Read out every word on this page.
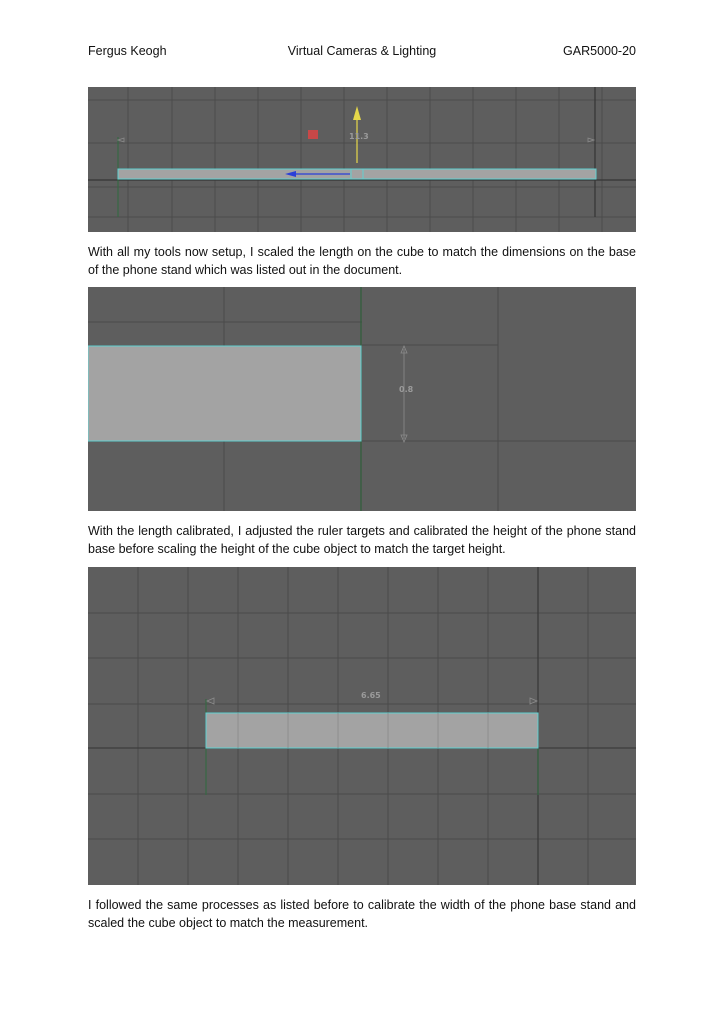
Fergus Keogh	Virtual Cameras & Lighting	GAR5000-20
11.3

With all my tools now setup, I scaled the length on the cube to match the dimensions on the base of the phone stand which was listed out in the document.

0.8

With the length calibrated, I adjusted the ruler targets and calibrated the height of the phone stand base before scaling the height of the cube object to match the target height.

6.65

I followed the same processes as listed before to calibrate the width of the phone base stand and scaled the cube object to match the measurement.
